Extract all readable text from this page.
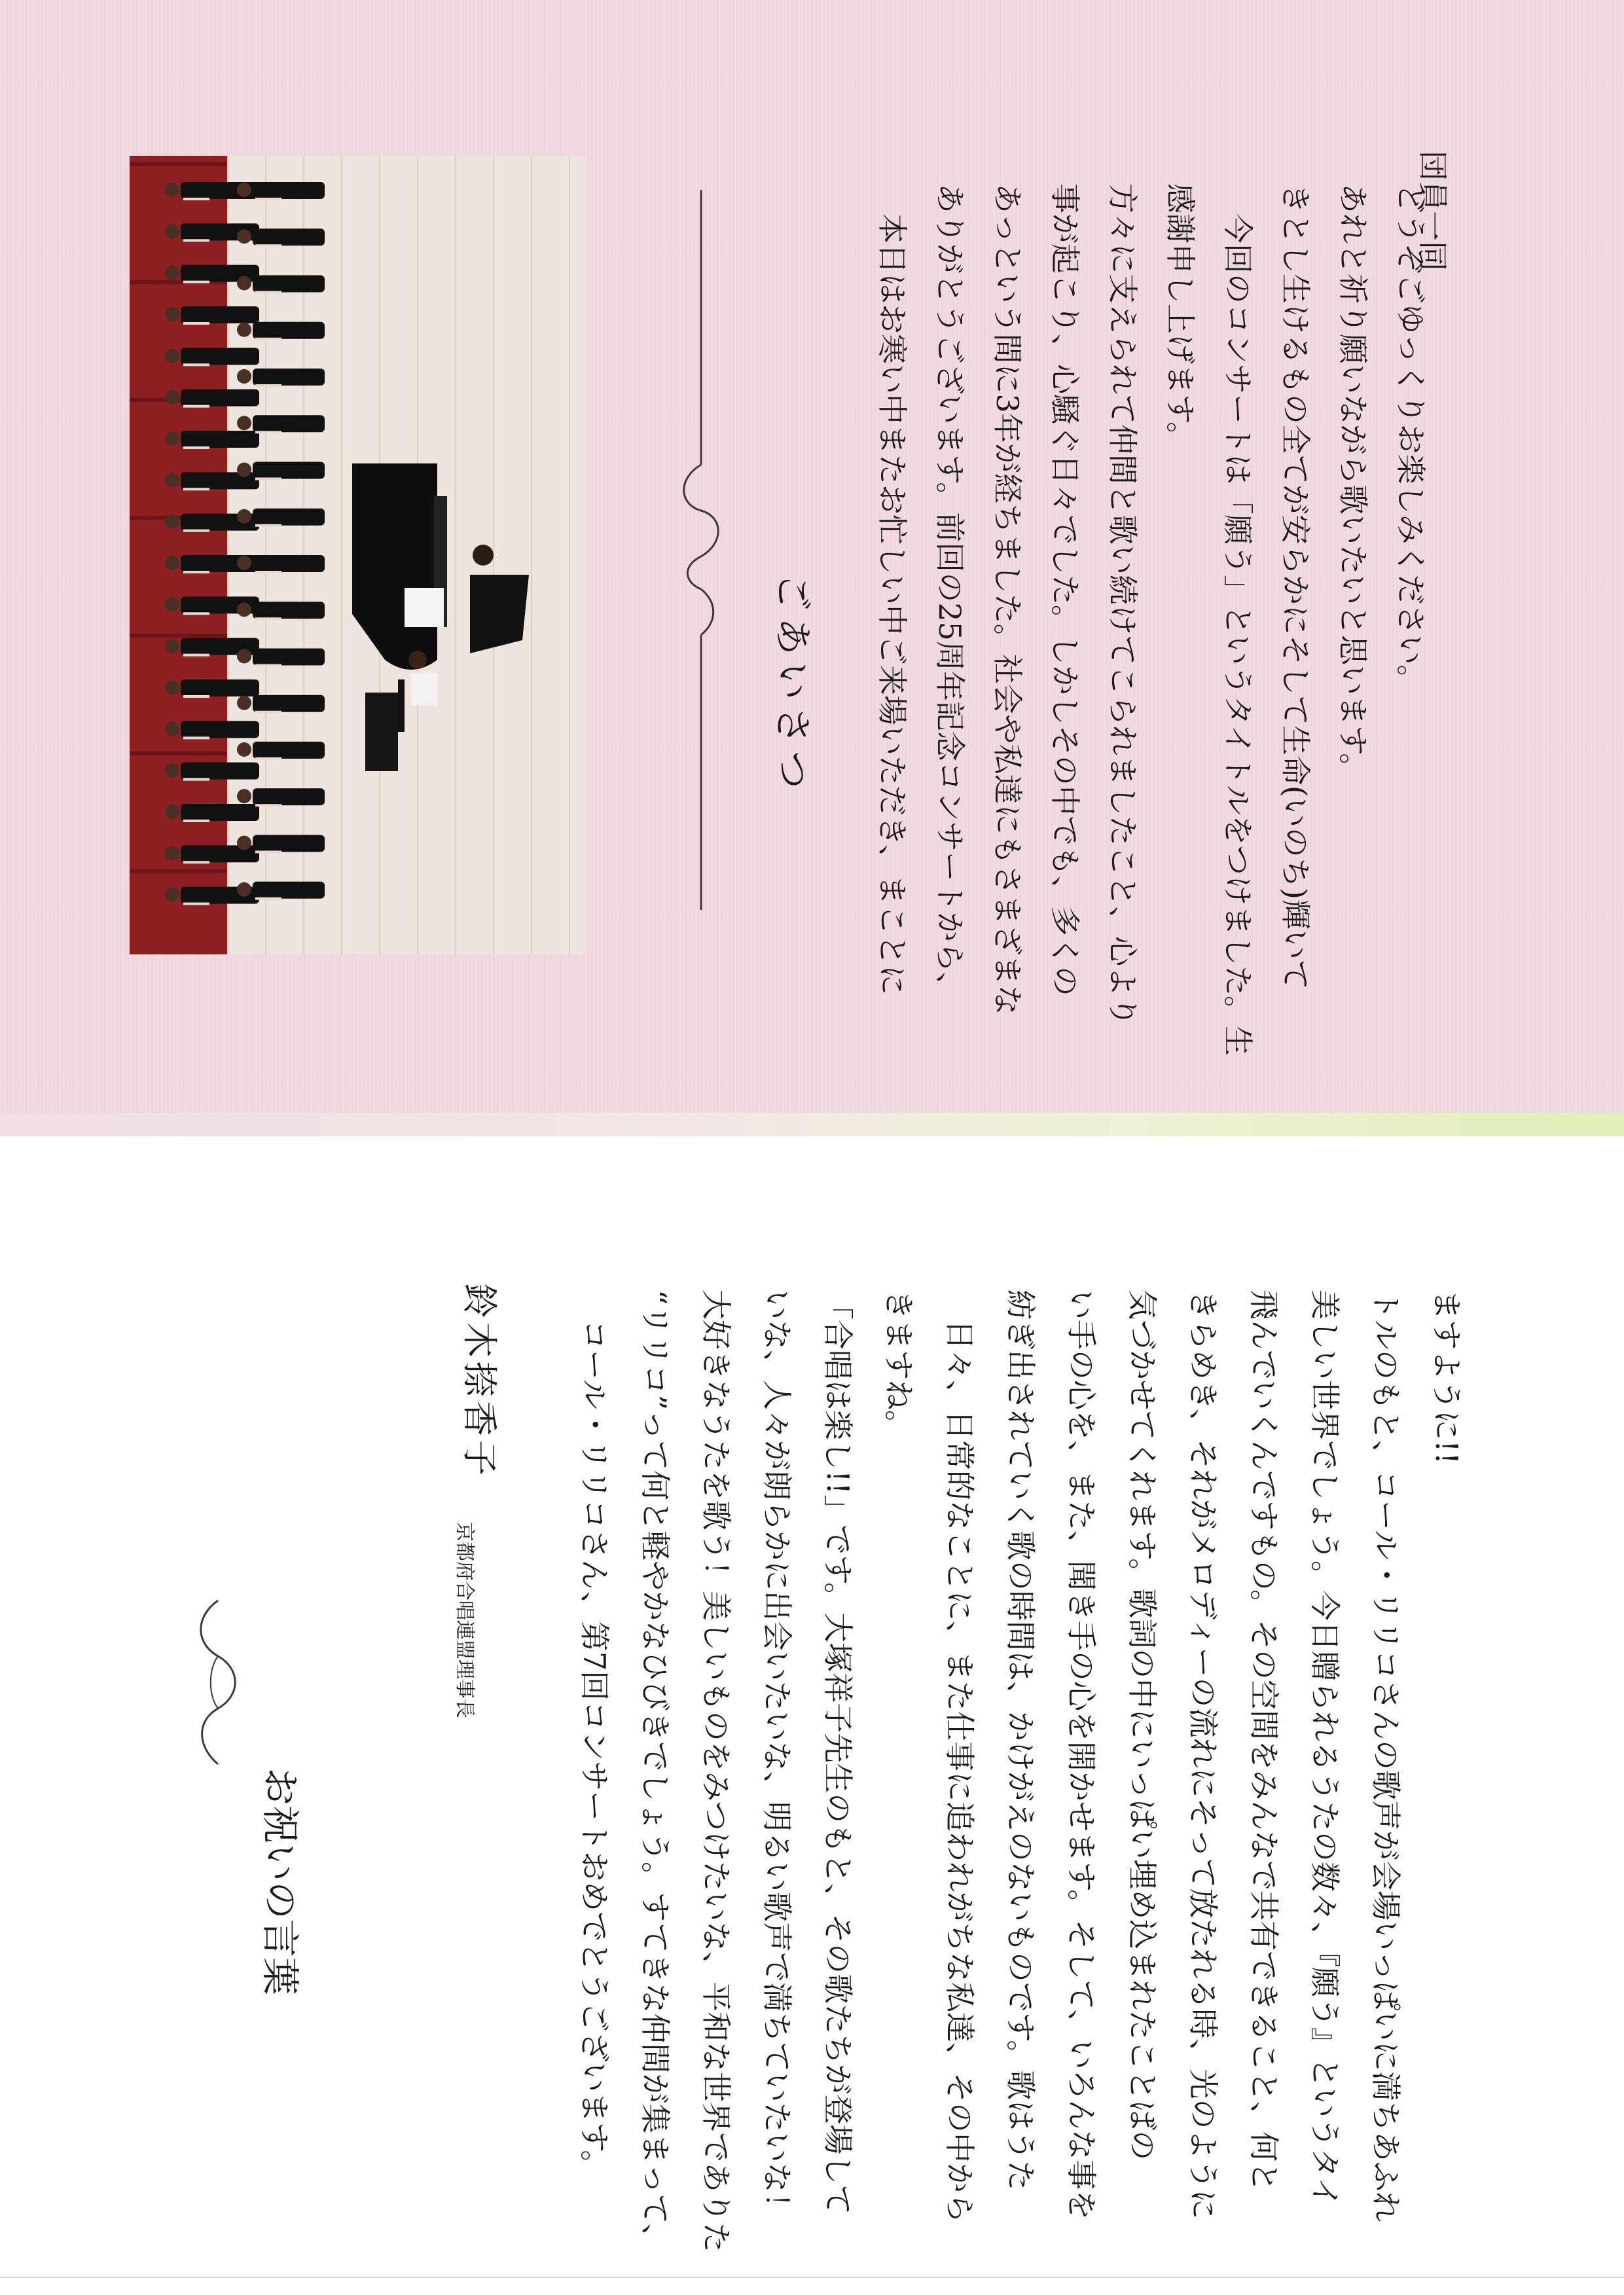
ごあいさつ 本日はお寒い中またお忙しい中ご来場いただき、まことに ありがとうございます。前回の25周年記念コンサートから、 あっという間に3年が経ちました。社会や私達にもさまざまな 事が起こり、心騒ぐ日々でした。しかしその中でも、多くの 方々に支えられて仲間と歌い続けてこられましたこと、心より 感謝申し上げます。 今回のコンサートは「願う」というタイトルをつけました。生 きとし生けるもの全てが安らかにそして生命(いのち)輝いて あれと祈り願いながら歌いたいと思います。 どうぞごゆっくりお楽しみください。
団員一同
お祝いの言葉
京都府合唱連盟理事長
鈴木捺香子	コール・リリコさん、第7回コンサートおめでとうございます。 “リリコ”って何と軽やかなひびきでしょう。すてきな仲間が集まって、 大好きなうたを歌う！美しいものをみつけたいな、平和な世界でありた いな、人々が朗らかに出会いたいな、明るい歌声で満ちていたいな！ 「合唱は楽し!!」です。大塚祥子先生のもと、その歌たちが登場して きますね。 日々、日常的なことに、また仕事に追われがちな私達、その中から 紡ぎ出されていく歌の時間は、かけがえのないものです。歌はうた い手の心を、また、聞き手の心を開かせます。そして、いろんな事を 気づかせてくれます。歌詞の中にいっぱい埋め込まれたことばの きらめき、それがメロディーの流れにそって放たれる時、光のように 飛んでいくんですもの。その空間をみんなで共有できること、何と 美しい世界でしょう。今日贈られるうたの数々、『願う』というタイ トルのもと、コール・リリコさんの歌声が会場いっぱいに満ちあふれ ますように!!
